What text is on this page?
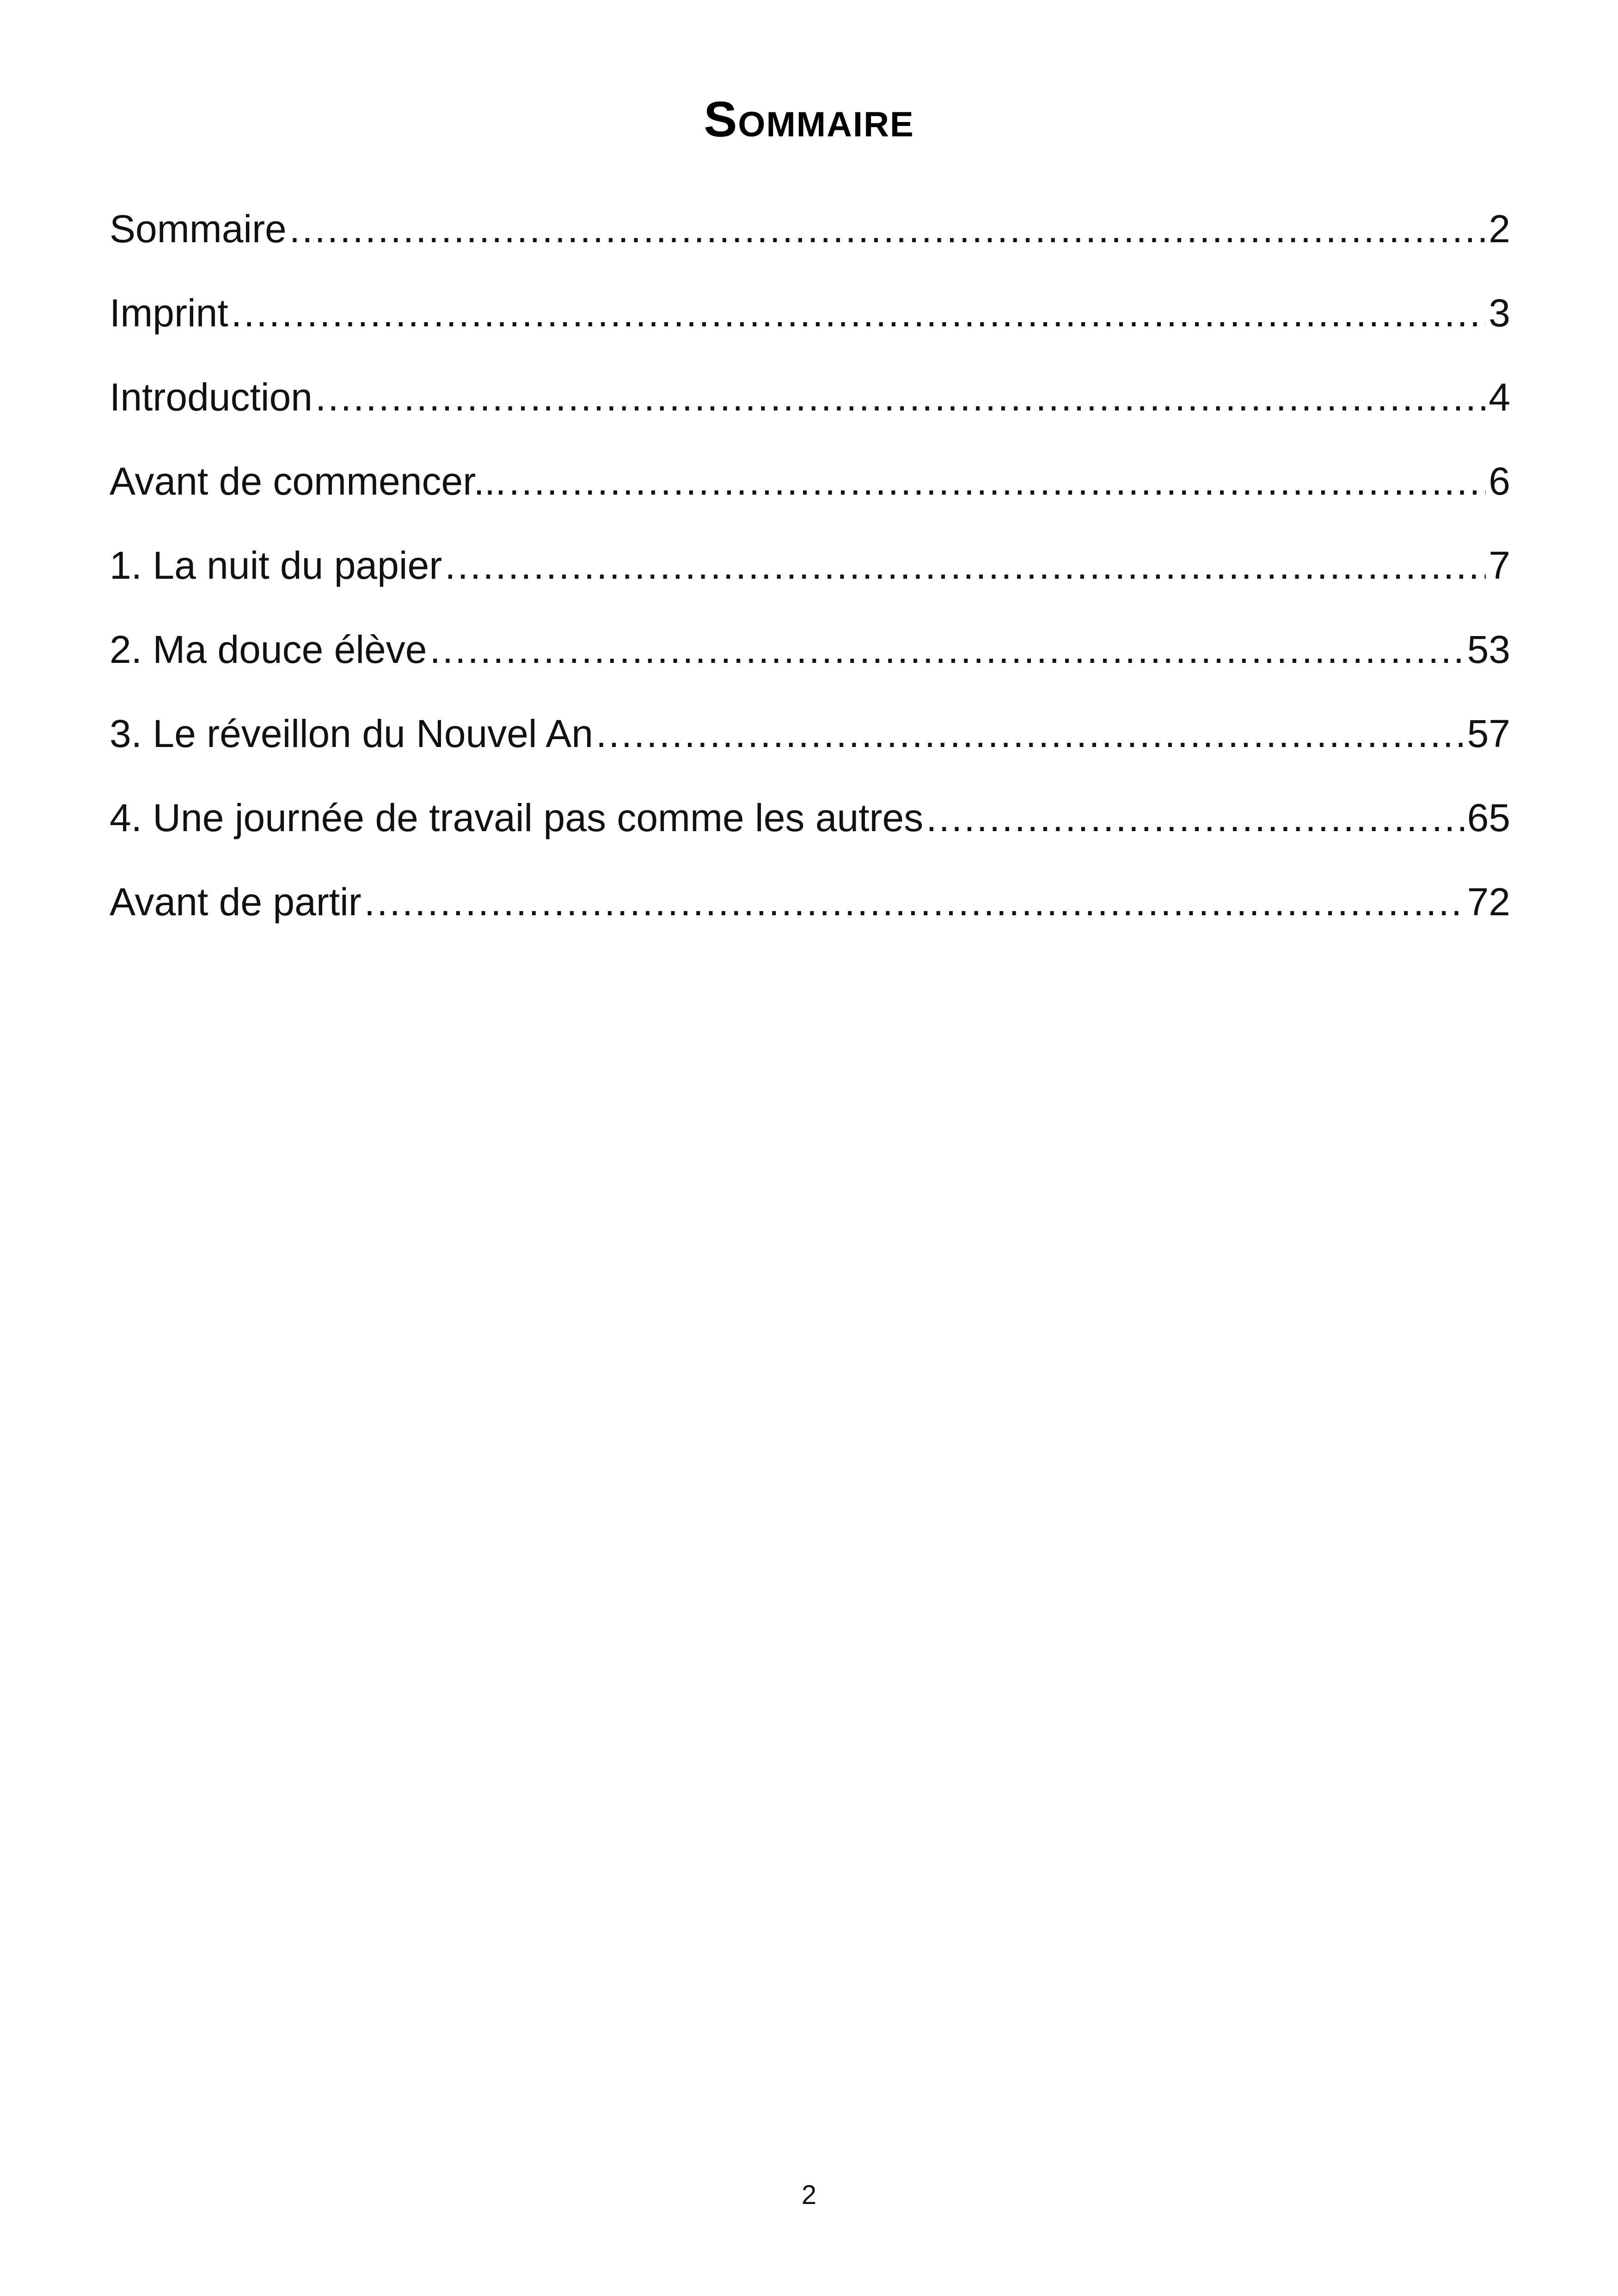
Sommaire
Sommaire .....	2
Imprint .....	3
Introduction .....	4
Avant de commencer... .....	6
1. La nuit du papier .....	7
2. Ma douce élève .....	53
3. Le réveillon du Nouvel An .....	57
4. Une journée de travail pas comme les autres .....	65
Avant de partir .....	72
2
